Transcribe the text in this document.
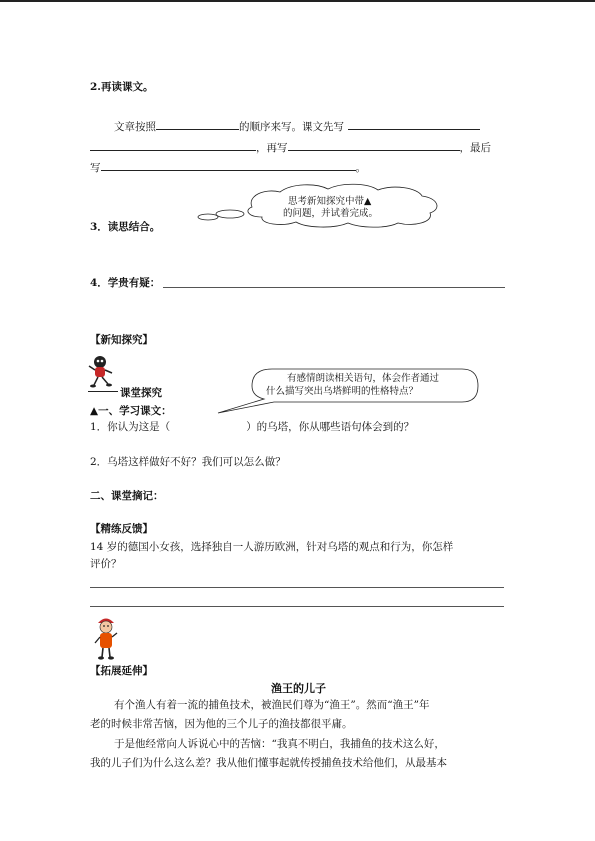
2.再读课文。
文章按照	的顺序来写。课文先写
，再写	，最后
写	。
思考新知探究中带▲
的问题，并试着完成。
3．读思结合。
4．学贵有疑：
【新知探究】
有感情朗读相关语句，体会作者通过
什么描写突出乌塔鲜明的性格特点？
课堂探究
▲一、学习课文：
1．你认为这是（	）的乌塔，你从哪些语句体会到的？
2．乌塔这样做好不好？我们可以怎么做？
二、课堂摘记：
【精练反馈】
14 岁的德国小女孩，选择独自一人游历欧洲，针对乌塔的观点和行为，你怎样
评价？
【拓展延伸】
渔王的儿子
有个渔人有着一流的捕鱼技术，被渔民们尊为“渔王”。然而“渔王”年
老的时候非常苦恼，因为他的三个儿子的渔技都很平庸。
于是他经常向人诉说心中的苦恼：“我真不明白，我捕鱼的技术这么好，
我的儿子们为什么这么差？我从他们懂事起就传授捕鱼技术给他们，从最基本
